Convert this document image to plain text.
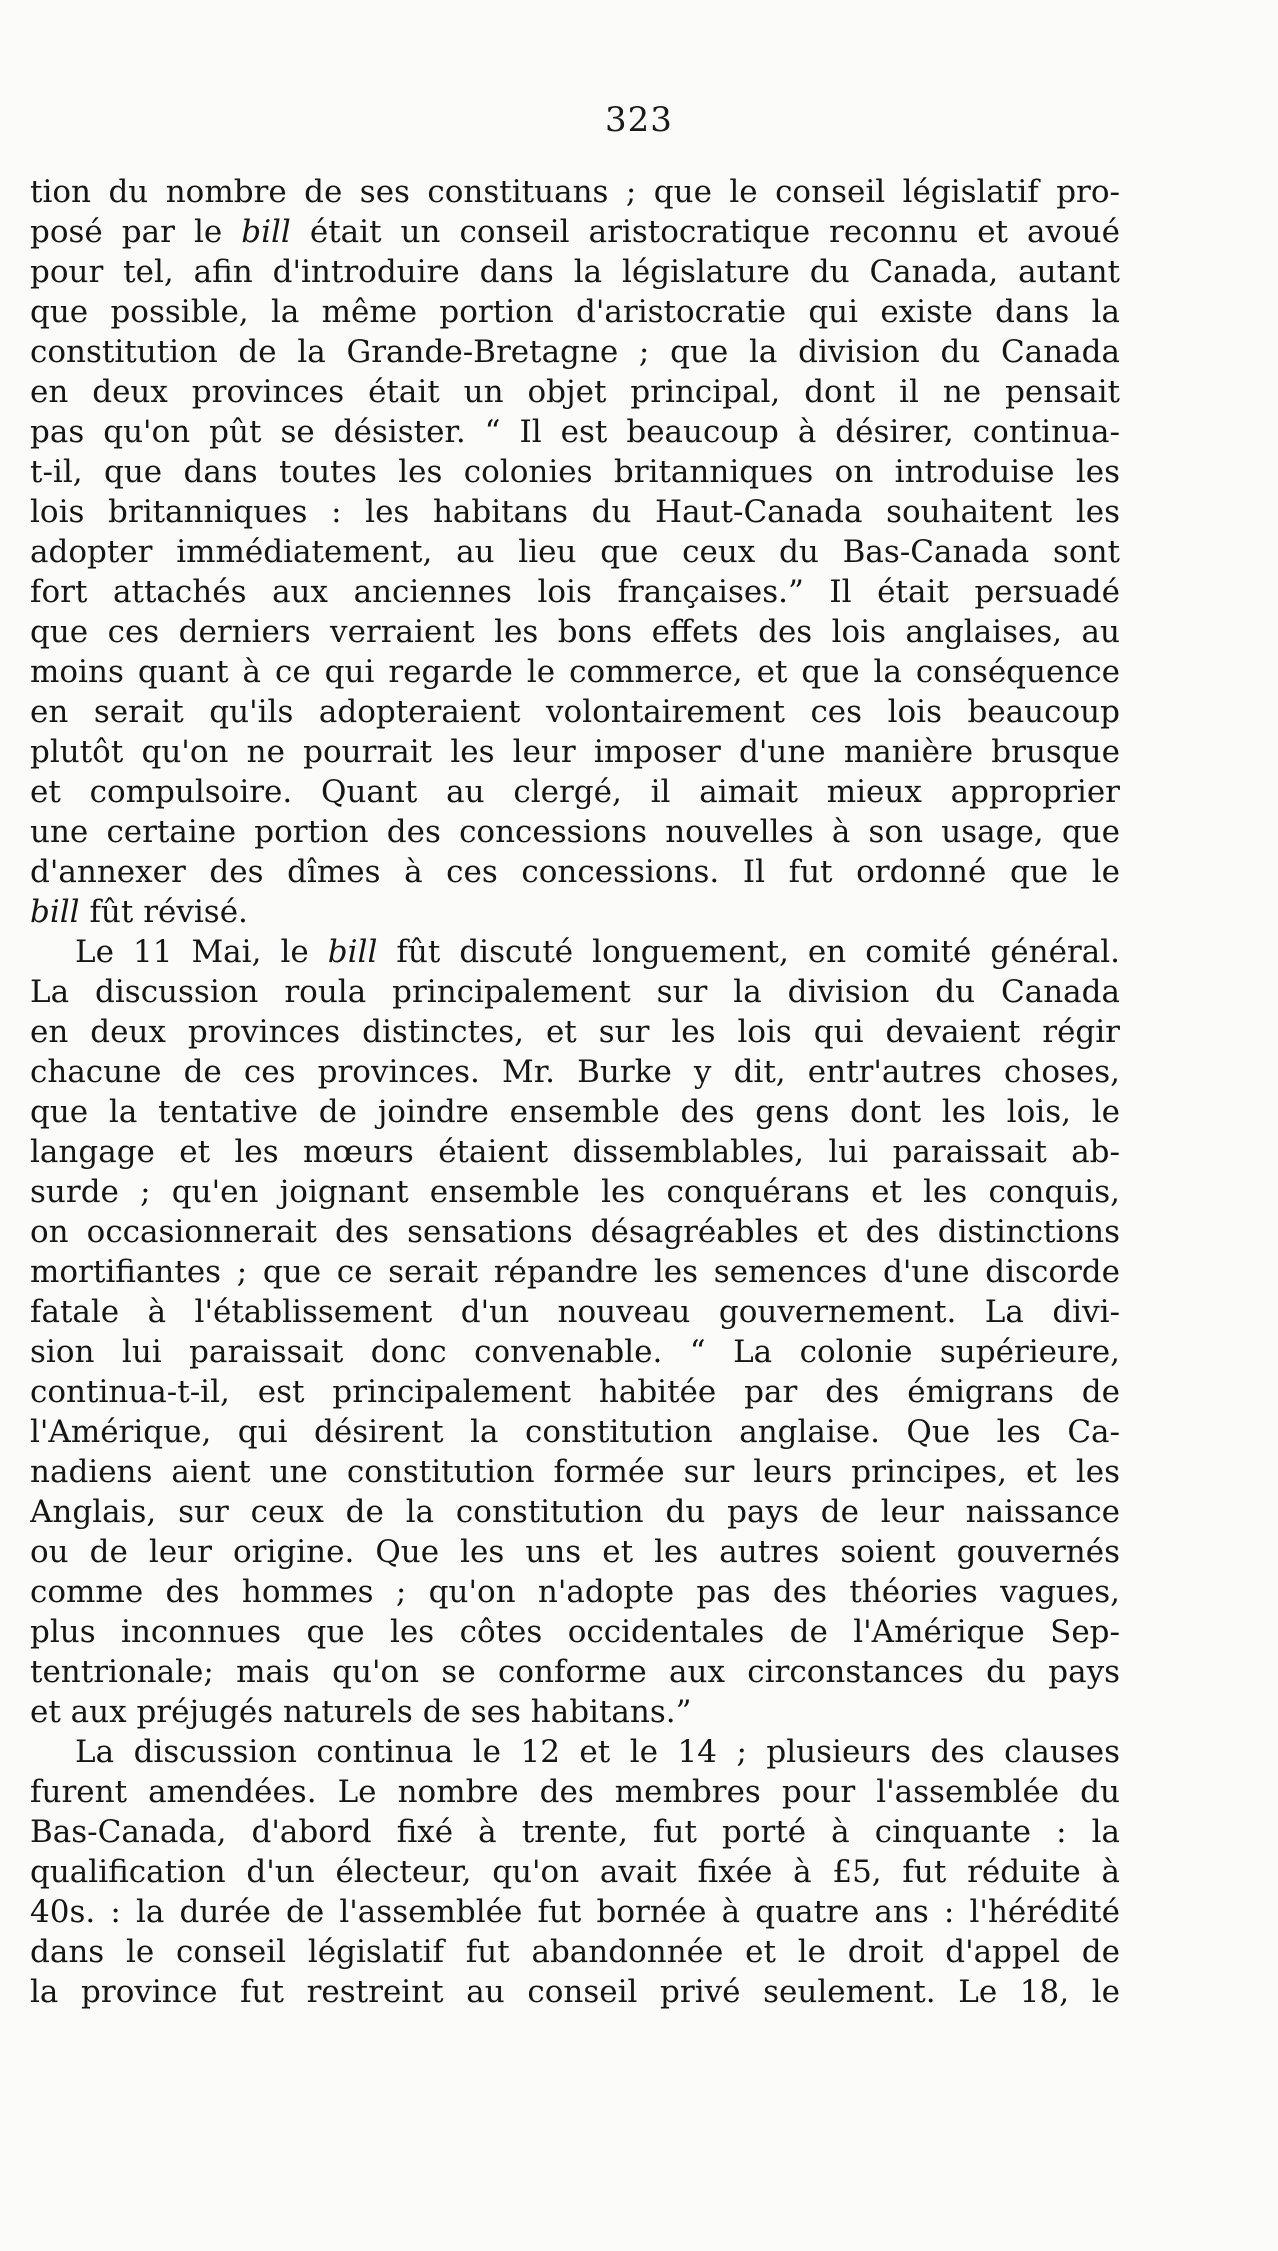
323
tion du nombre de ses constituans ; que le conseil législatif pro-
posé par le bill était un conseil aristocratique reconnu et avoué
pour tel, afin d'introduire dans la législature du Canada, autant
que possible, la même portion d'aristocratie qui existe dans la
constitution de la Grande-Bretagne ; que la division du Canada
en deux provinces était un objet principal, dont il ne pensait
pas qu'on pût se désister. “ Il est beaucoup à désirer, continua-
t-il, que dans toutes les colonies britanniques on introduise les
lois britanniques : les habitans du Haut-Canada souhaitent les
adopter immédiatement, au lieu que ceux du Bas-Canada sont
fort attachés aux anciennes lois françaises.” Il était persuadé
que ces derniers verraient les bons effets des lois anglaises, au
moins quant à ce qui regarde le commerce, et que la conséquence
en serait qu'ils adopteraient volontairement ces lois beaucoup
plutôt qu'on ne pourrait les leur imposer d'une manière brusque
et compulsoire. Quant au clergé, il aimait mieux approprier
une certaine portion des concessions nouvelles à son usage, que
d'annexer des dîmes à ces concessions. Il fut ordonné que le
bill fût révisé.
Le 11 Mai, le bill fût discuté longuement, en comité général.
La discussion roula principalement sur la division du Canada
en deux provinces distinctes, et sur les lois qui devaient régir
chacune de ces provinces. Mr. Burke y dit, entr'autres choses,
que la tentative de joindre ensemble des gens dont les lois, le
langage et les mœurs étaient dissemblables, lui paraissait ab-
surde ; qu'en joignant ensemble les conquérans et les conquis,
on occasionnerait des sensations désagréables et des distinctions
mortifiantes ; que ce serait répandre les semences d'une discorde
fatale à l'établissement d'un nouveau gouvernement. La divi-
sion lui paraissait donc convenable. “ La colonie supérieure,
continua-t-il, est principalement habitée par des émigrans de
l'Amérique, qui désirent la constitution anglaise. Que les Ca-
nadiens aient une constitution formée sur leurs principes, et les
Anglais, sur ceux de la constitution du pays de leur naissance
ou de leur origine. Que les uns et les autres soient gouvernés
comme des hommes ; qu'on n'adopte pas des théories vagues,
plus inconnues que les côtes occidentales de l'Amérique Sep-
tentrionale; mais qu'on se conforme aux circonstances du pays
et aux préjugés naturels de ses habitans.”
La discussion continua le 12 et le 14 ; plusieurs des clauses
furent amendées. Le nombre des membres pour l'assemblée du
Bas-Canada, d'abord fixé à trente, fut porté à cinquante : la
qualification d'un électeur, qu'on avait fixée à £5, fut réduite à
40s. : la durée de l'assemblée fut bornée à quatre ans : l'hérédité
dans le conseil législatif fut abandonnée et le droit d'appel de
la province fut restreint au conseil privé seulement. Le 18, le
